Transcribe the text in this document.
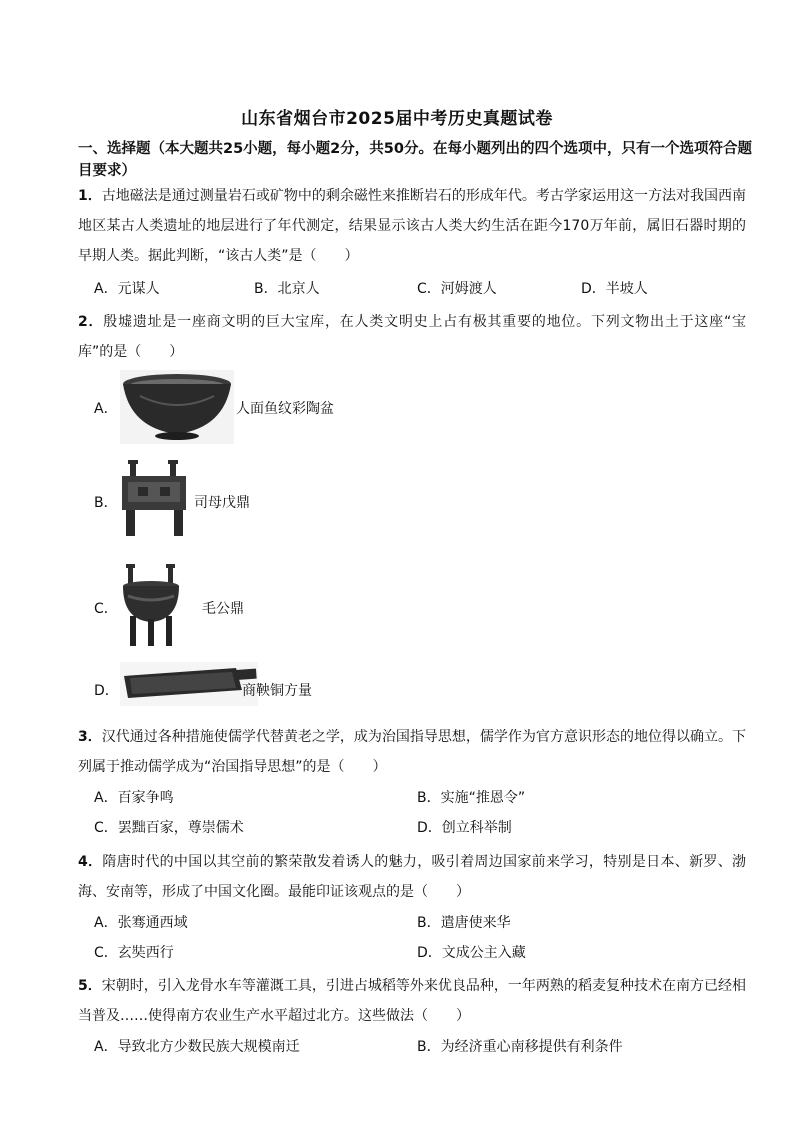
山东省烟台市2025届中考历史真题试卷
一、选择题（本大题共25小题，每小题2分，共50分。在每小题列出的四个选项中，只有一个选项符合题目要求）
1．古地磁法是通过测量岩石或矿物中的剩余磁性来推断岩石的形成年代。考古学家运用这一方法对我国西南地区某古人类遗址的地层进行了年代测定，结果显示该古人类大约生活在距今170万年前，属旧石器时期的早期人类。据此判断，“该古人类”是（　　）
A．元谋人	B．北京人	C．河姆渡人	D．半坡人
2．殷墟遗址是一座商文明的巨大宝库，在人类文明史上占有极其重要的地位。下列文物出土于这座“宝库”的是（　　）
A．	人面鱼纹彩陶盆
B．	司母戊鼎
C．	毛公鼎
D．	商鞅铜方量
3．汉代通过各种措施使儒学代替黄老之学，成为治国指导思想，儒学作为官方意识形态的地位得以确立。下列属于推动儒学成为“治国指导思想”的是（　　）
A．百家争鸣	B．实施“推恩令”
C．罢黜百家，尊崇儒术	D．创立科举制
4．隋唐时代的中国以其空前的繁荣散发着诱人的魅力，吸引着周边国家前来学习，特别是日本、新罗、渤海、安南等，形成了中国文化圈。最能印证该观点的是（　　）
A．张骞通西域	B．遣唐使来华
C．玄奘西行	D．文成公主入藏
5．宋朝时，引入龙骨水车等灌溉工具，引进占城稻等外来优良品种，一年两熟的稻麦复种技术在南方已经相当普及……使得南方农业生产水平超过北方。这些做法（　　）
A．导致北方少数民族大规模南迁	B．为经济重心南移提供有利条件
